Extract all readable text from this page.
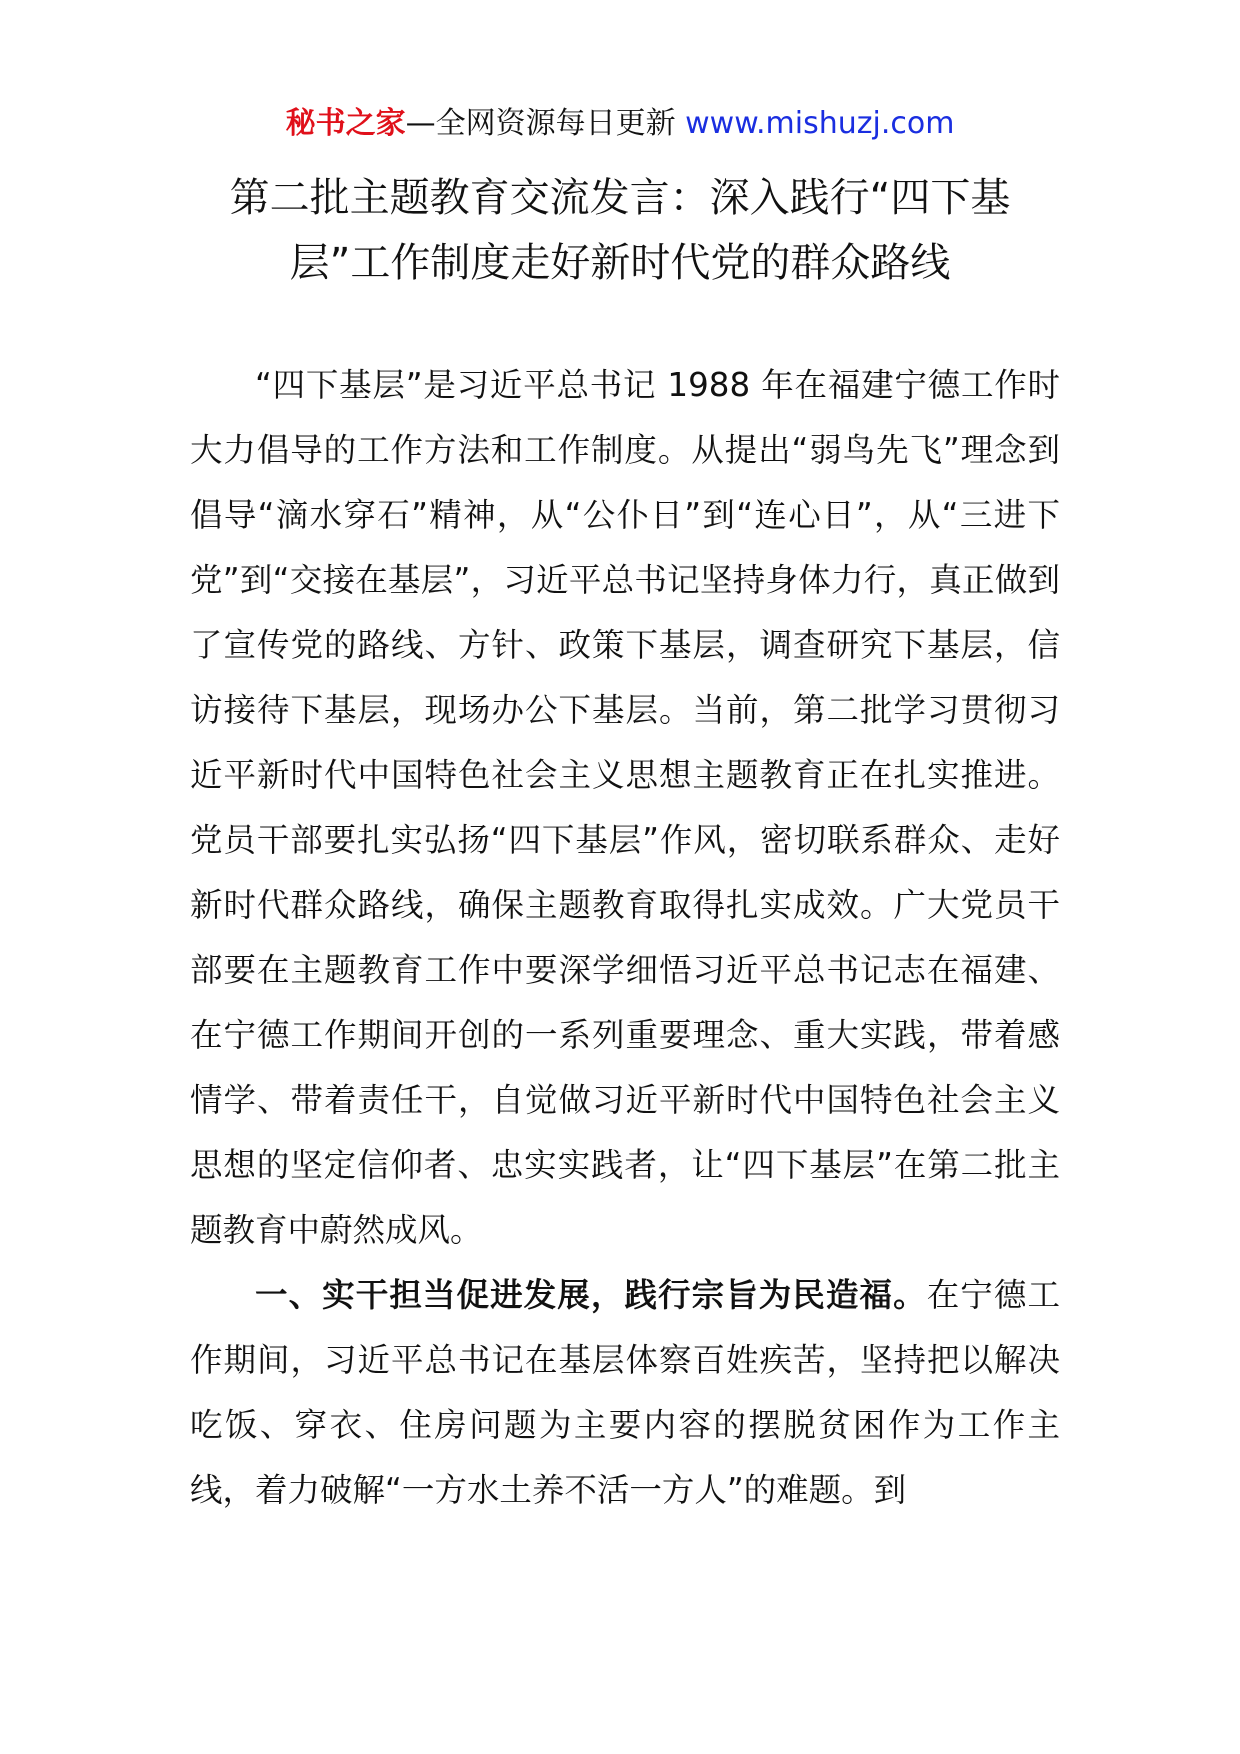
秘书之家—全网资源每日更新 www.mishuzj.com
第二批主题教育交流发言：深入践行“四下基
层”工作制度走好新时代党的群众路线

“四下基层”是习近平总书记 1988 年在福建宁德工作时大力倡导的工作方法和工作制度。从提出“弱鸟先飞”理念到倡导“滴水穿石”精神，从“公仆日”到“连心日”，从“三进下党”到“交接在基层”，习近平总书记坚持身体力行，真正做到了宣传党的路线、方针、政策下基层，调查研究下基层，信访接待下基层，现场办公下基层。当前，第二批学习贯彻习近平新时代中国特色社会主义思想主题教育正在扎实推进。党员干部要扎实弘扬“四下基层”作风，密切联系群众、走好新时代群众路线，确保主题教育取得扎实成效。广大党员干部要在主题教育工作中要深学细悟习近平总书记志在福建、在宁德工作期间开创的一系列重要理念、重大实践，带着感情学、带着责任干，自觉做习近平新时代中国特色社会主义思想的坚定信仰者、忠实实践者，让“四下基层”在第二批主题教育中蔚然成风。

一、实干担当促进发展，践行宗旨为民造福。在宁德工作期间，习近平总书记在基层体察百姓疾苦，坚持把以解决吃饭、穿衣、住房问题为主要内容的摆脱贫困作为工作主线，着力破解“一方水土养不活一方人”的难题。到
